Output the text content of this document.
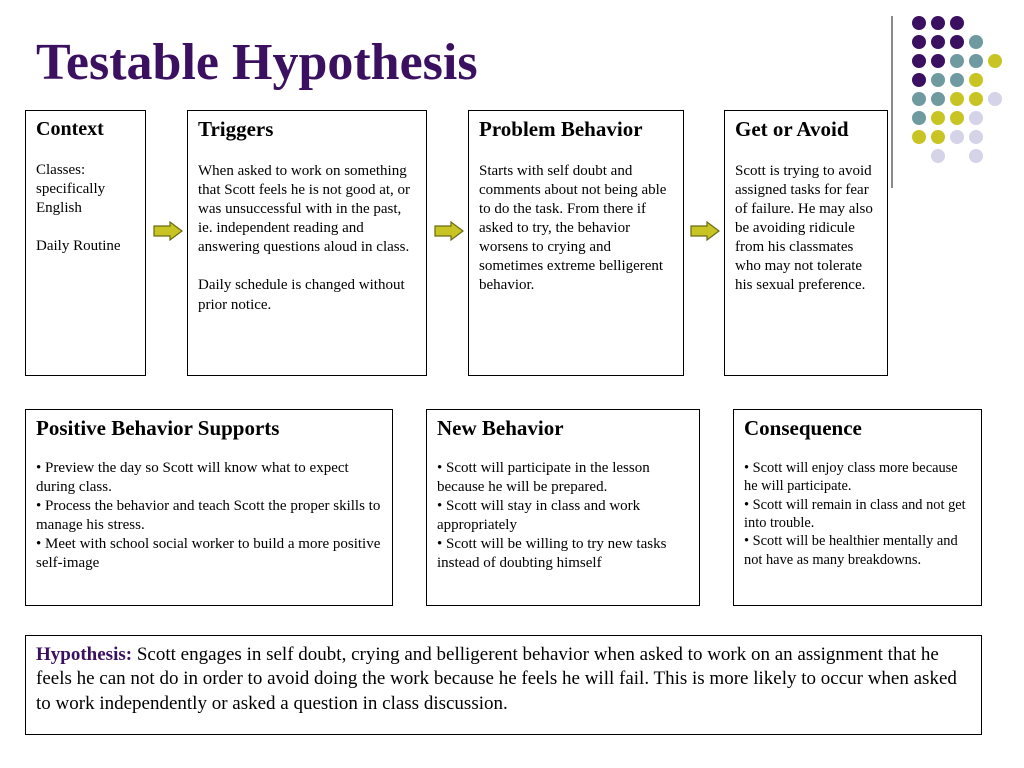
Testable Hypothesis
Context
Classes: specifically English

Daily Routine
Triggers
When asked to work on something that Scott feels he is not good at, or was unsuccessful with in the past, ie. independent reading and answering questions aloud in class.

Daily schedule is changed without prior notice.
Problem Behavior
Starts with self doubt and comments about not being able to do the task. From there if asked to try, the behavior worsens to crying and sometimes extreme belligerent behavior.
Get or Avoid
Scott is trying to avoid assigned tasks for fear of failure. He may also be avoiding ridicule from his classmates who may not tolerate his sexual preference.
Positive Behavior Supports
• Preview the day so Scott will know what to expect during class.
• Process the behavior and teach Scott the proper skills to manage his stress.
• Meet with school social worker to build a more positive self-image
New Behavior
• Scott will participate in the lesson because he will be prepared.
• Scott will stay in class and work appropriately
• Scott will be willing to try new tasks instead of doubting himself
Consequence
• Scott will enjoy class more because he will participate.
• Scott will remain in class and not get into trouble.
• Scott will be healthier mentally and not have as many breakdowns.
Hypothesis: Scott engages in self doubt, crying and belligerent behavior when asked to work on an assignment that he feels he can not do in order to avoid doing the work because he feels he will fail. This is more likely to occur when asked to work independently or asked a question in class discussion.
